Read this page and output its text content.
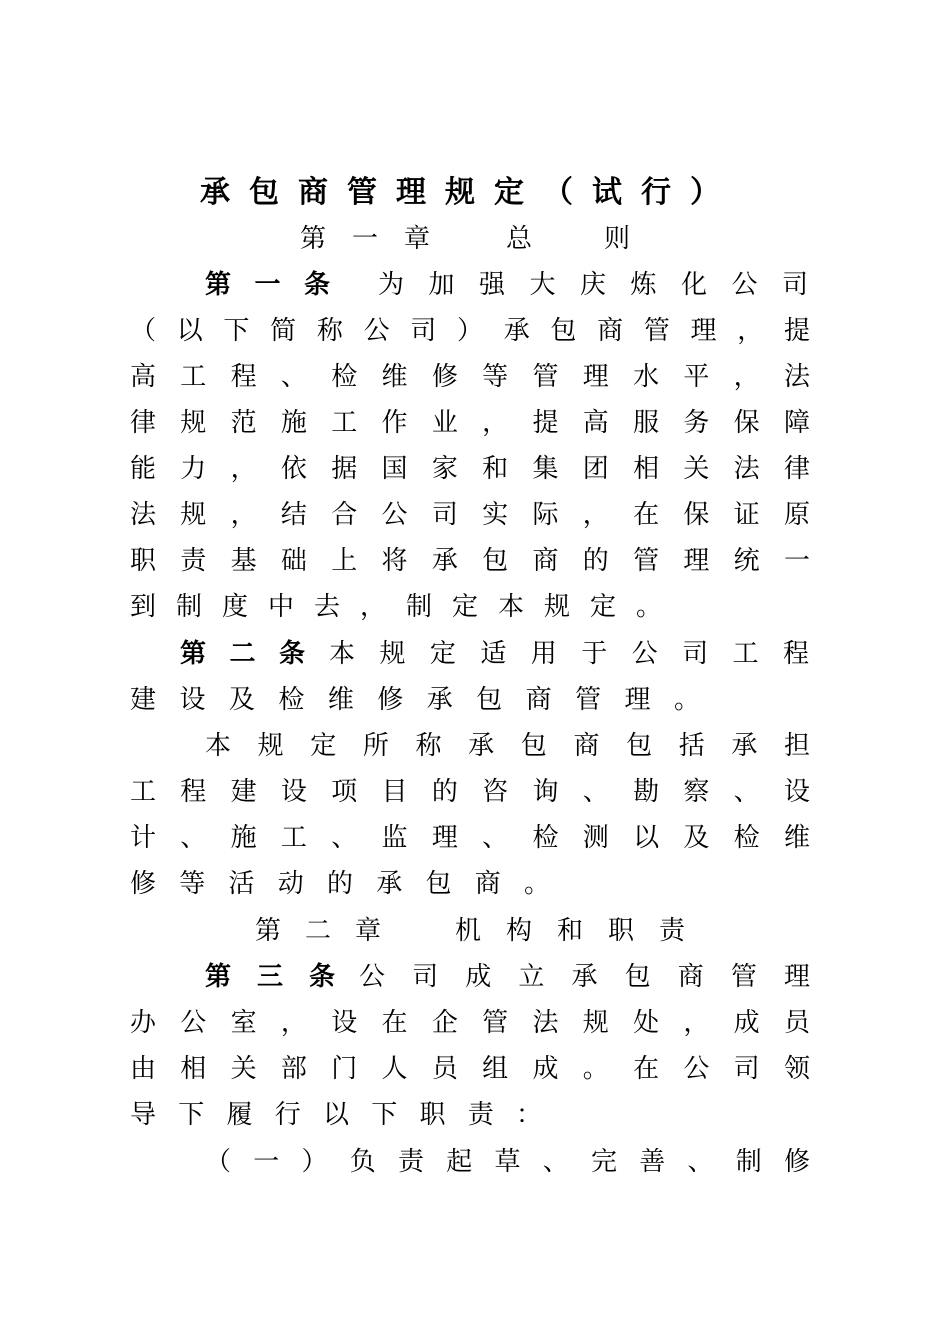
承包商管理规定（试行）
第一章	总 则
第一条 为加强大庆炼化公司
（以下简称公司）承包商管理，提
高工程、检维修等管理水平，法
律规范施工作业，提高服务保障
能力，依据国家和集团相关法律
法规，结合公司实际，在保证原
职责基础上将承包商的管理统一
到制度中去，制定本规定。
第二条 本规定适用于公司工程
建设及检维修承包商管理。
本规定所称承包商包括承担
工程建设项目的咨询、勘察、设
计、施工、监理、检测以及检维
修等活动的承包商。
第二章	机构和职责
第三条 公司成立承包商管理
办公室，设在企管法规处，成员
由相关部门人员组成。在公司领
导下履行以下职责：
（一）负责起草、完善、制修
